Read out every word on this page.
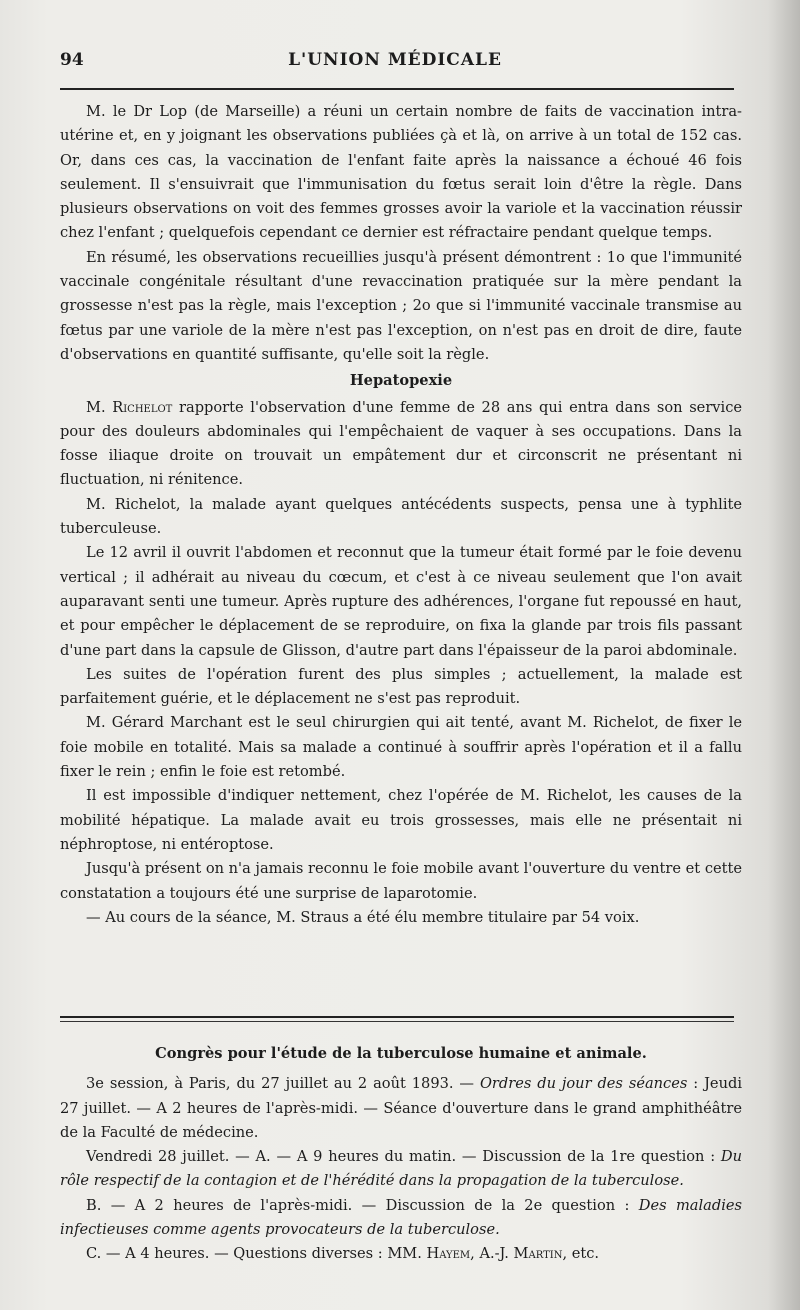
94	L'UNION MÉDICALE

M. le Dr Lop (de Marseille) a réuni un certain nombre de faits de vaccination intra-utérine et, en y joignant les observations publiées çà et là, on arrive à un total de 152 cas. Or, dans ces cas, la vaccination de l'enfant faite après la naissance a échoué 46 fois seulement. Il s'ensuivrait que l'immunisation du fœtus serait loin d'être la règle. Dans plusieurs observations on voit des femmes grosses avoir la variole et la vaccination réussir chez l'enfant ; quelquefois cependant ce dernier est réfractaire pendant quelque temps.

En résumé, les observations recueillies jusqu'à présent démontrent : 1o que l'immunité vaccinale congénitale résultant d'une revaccination pratiquée sur la mère pendant la grossesse n'est pas la règle, mais l'exception ; 2o que si l'immunité vaccinale transmise au fœtus par une variole de la mère n'est pas l'exception, on n'est pas en droit de dire, faute d'observations en quantité suffisante, qu'elle soit la règle.

Hepatopexie

M. Richelot rapporte l'observation d'une femme de 28 ans qui entra dans son service pour des douleurs abdominales qui l'empêchaient de vaquer à ses occupations. Dans la fosse iliaque droite on trouvait un empâtement dur et circonscrit ne présentant ni fluctuation, ni rénitence.

M. Richelot, la malade ayant quelques antécédents suspects, pensa une à typhlite tuberculeuse.

Le 12 avril il ouvrit l'abdomen et reconnut que la tumeur était formé par le foie devenu vertical ; il adhérait au niveau du cœcum, et c'est à ce niveau seulement que l'on avait auparavant senti une tumeur. Après rupture des adhérences, l'organe fut repoussé en haut, et pour empêcher le déplacement de se reproduire, on fixa la glande par trois fils passant d'une part dans la capsule de Glisson, d'autre part dans l'épaisseur de la paroi abdominale.

Les suites de l'opération furent des plus simples ; actuellement, la malade est parfaitement guérie, et le déplacement ne s'est pas reproduit.

M. Gérard Marchant est le seul chirurgien qui ait tenté, avant M. Richelot, de fixer le foie mobile en totalité. Mais sa malade a continué à souffrir après l'opération et il a fallu fixer le rein ; enfin le foie est retombé.

Il est impossible d'indiquer nettement, chez l'opérée de M. Richelot, les causes de la mobilité hépatique. La malade avait eu trois grossesses, mais elle ne présentait ni néphroptose, ni entéroptose.

Jusqu'à présent on n'a jamais reconnu le foie mobile avant l'ouverture du ventre et cette constatation a toujours été une surprise de laparotomie.

— Au cours de la séance, M. Straus a été élu membre titulaire par 54 voix.

Congrès pour l'étude de la tuberculose humaine et animale.

3e session, à Paris, du 27 juillet au 2 août 1893. — Ordres du jour des séances : Jeudi 27 juillet. — A 2 heures de l'après-midi. — Séance d'ouverture dans le grand amphithéâtre de la Faculté de médecine.

Vendredi 28 juillet. — A. — A 9 heures du matin. — Discussion de la 1re question : Du rôle respectif de la contagion et de l'hérédité dans la propagation de la tuberculose.

B. — A 2 heures de l'après-midi. — Discussion de la 2e question : Des maladies infectieuses comme agents provocateurs de la tuberculose.

C. — A 4 heures. — Questions diverses : MM. Hayem, A.-J. Martin, etc.
